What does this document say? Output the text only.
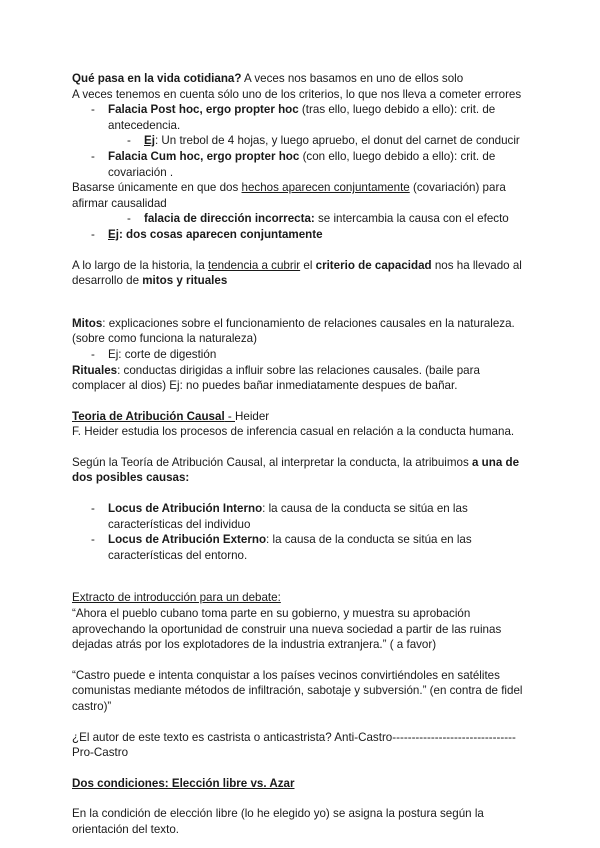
Qué pasa en la vida cotidiana? A veces nos basamos en uno de ellos solo

A veces tenemos en cuenta sólo uno de los criterios, lo que nos lleva a cometer errores

- Falacia Post hoc, ergo propter hoc (tras ello, luego debido a ello): crit. de antecedencia.
- Ej: Un trebol de 4 hojas, y luego apruebo, el donut del carnet de conducir
- Falacia Cum hoc, ergo propter hoc (con ello, luego debido a ello): crit. de covariación .

Basarse únicamente en que dos hechos aparecen conjuntamente (covariación) para afirmar causalidad

- falacia de dirección incorrecta: se intercambia la causa con el efecto
- Ej: dos cosas aparecen conjuntamente

A lo largo de la historia, la tendencia a cubrir el criterio de capacidad nos ha llevado al desarrollo de mitos y rituales

Mitos: explicaciones sobre el funcionamiento de relaciones causales en la naturaleza. (sobre como funciona la naturaleza)

- Ej: corte de digestión

Rituales: conductas dirigidas a influir sobre las relaciones causales. (baile para complacer al dios) Ej: no puedes bañar inmediatamente despues de bañar.

Teoria de Atribución Causal - Heider

F. Heider estudia los procesos de inferencia casual en relación a la conducta humana.

Según la Teoría de Atribución Causal, al interpretar la conducta, la atribuimos a una de dos posibles causas:

- Locus de Atribución Interno: la causa de la conducta se sitúa en las características del individuo
- Locus de Atribución Externo: la causa de la conducta se sitúa en las características del entorno.

Extracto de introducción para un debate:

“Ahora el pueblo cubano toma parte en su gobierno, y muestra su aprobación aprovechando la oportunidad de construir una nueva sociedad a partir de las ruinas dejadas atrás por los explotadores de la industria extranjera.” ( a favor)

“Castro puede e intenta conquistar a los países vecinos convirtiéndoles en satélites comunistas mediante métodos de infiltración, sabotaje y subversión.” (en contra de fidel castro)”

¿El autor de este texto es castrista o anticastrista? Anti-Castro-------------------------------- Pro-Castro

Dos condiciones: Elección libre vs. Azar

En la condición de elección libre (lo he elegido yo) se asigna la postura según la orientación del texto.
